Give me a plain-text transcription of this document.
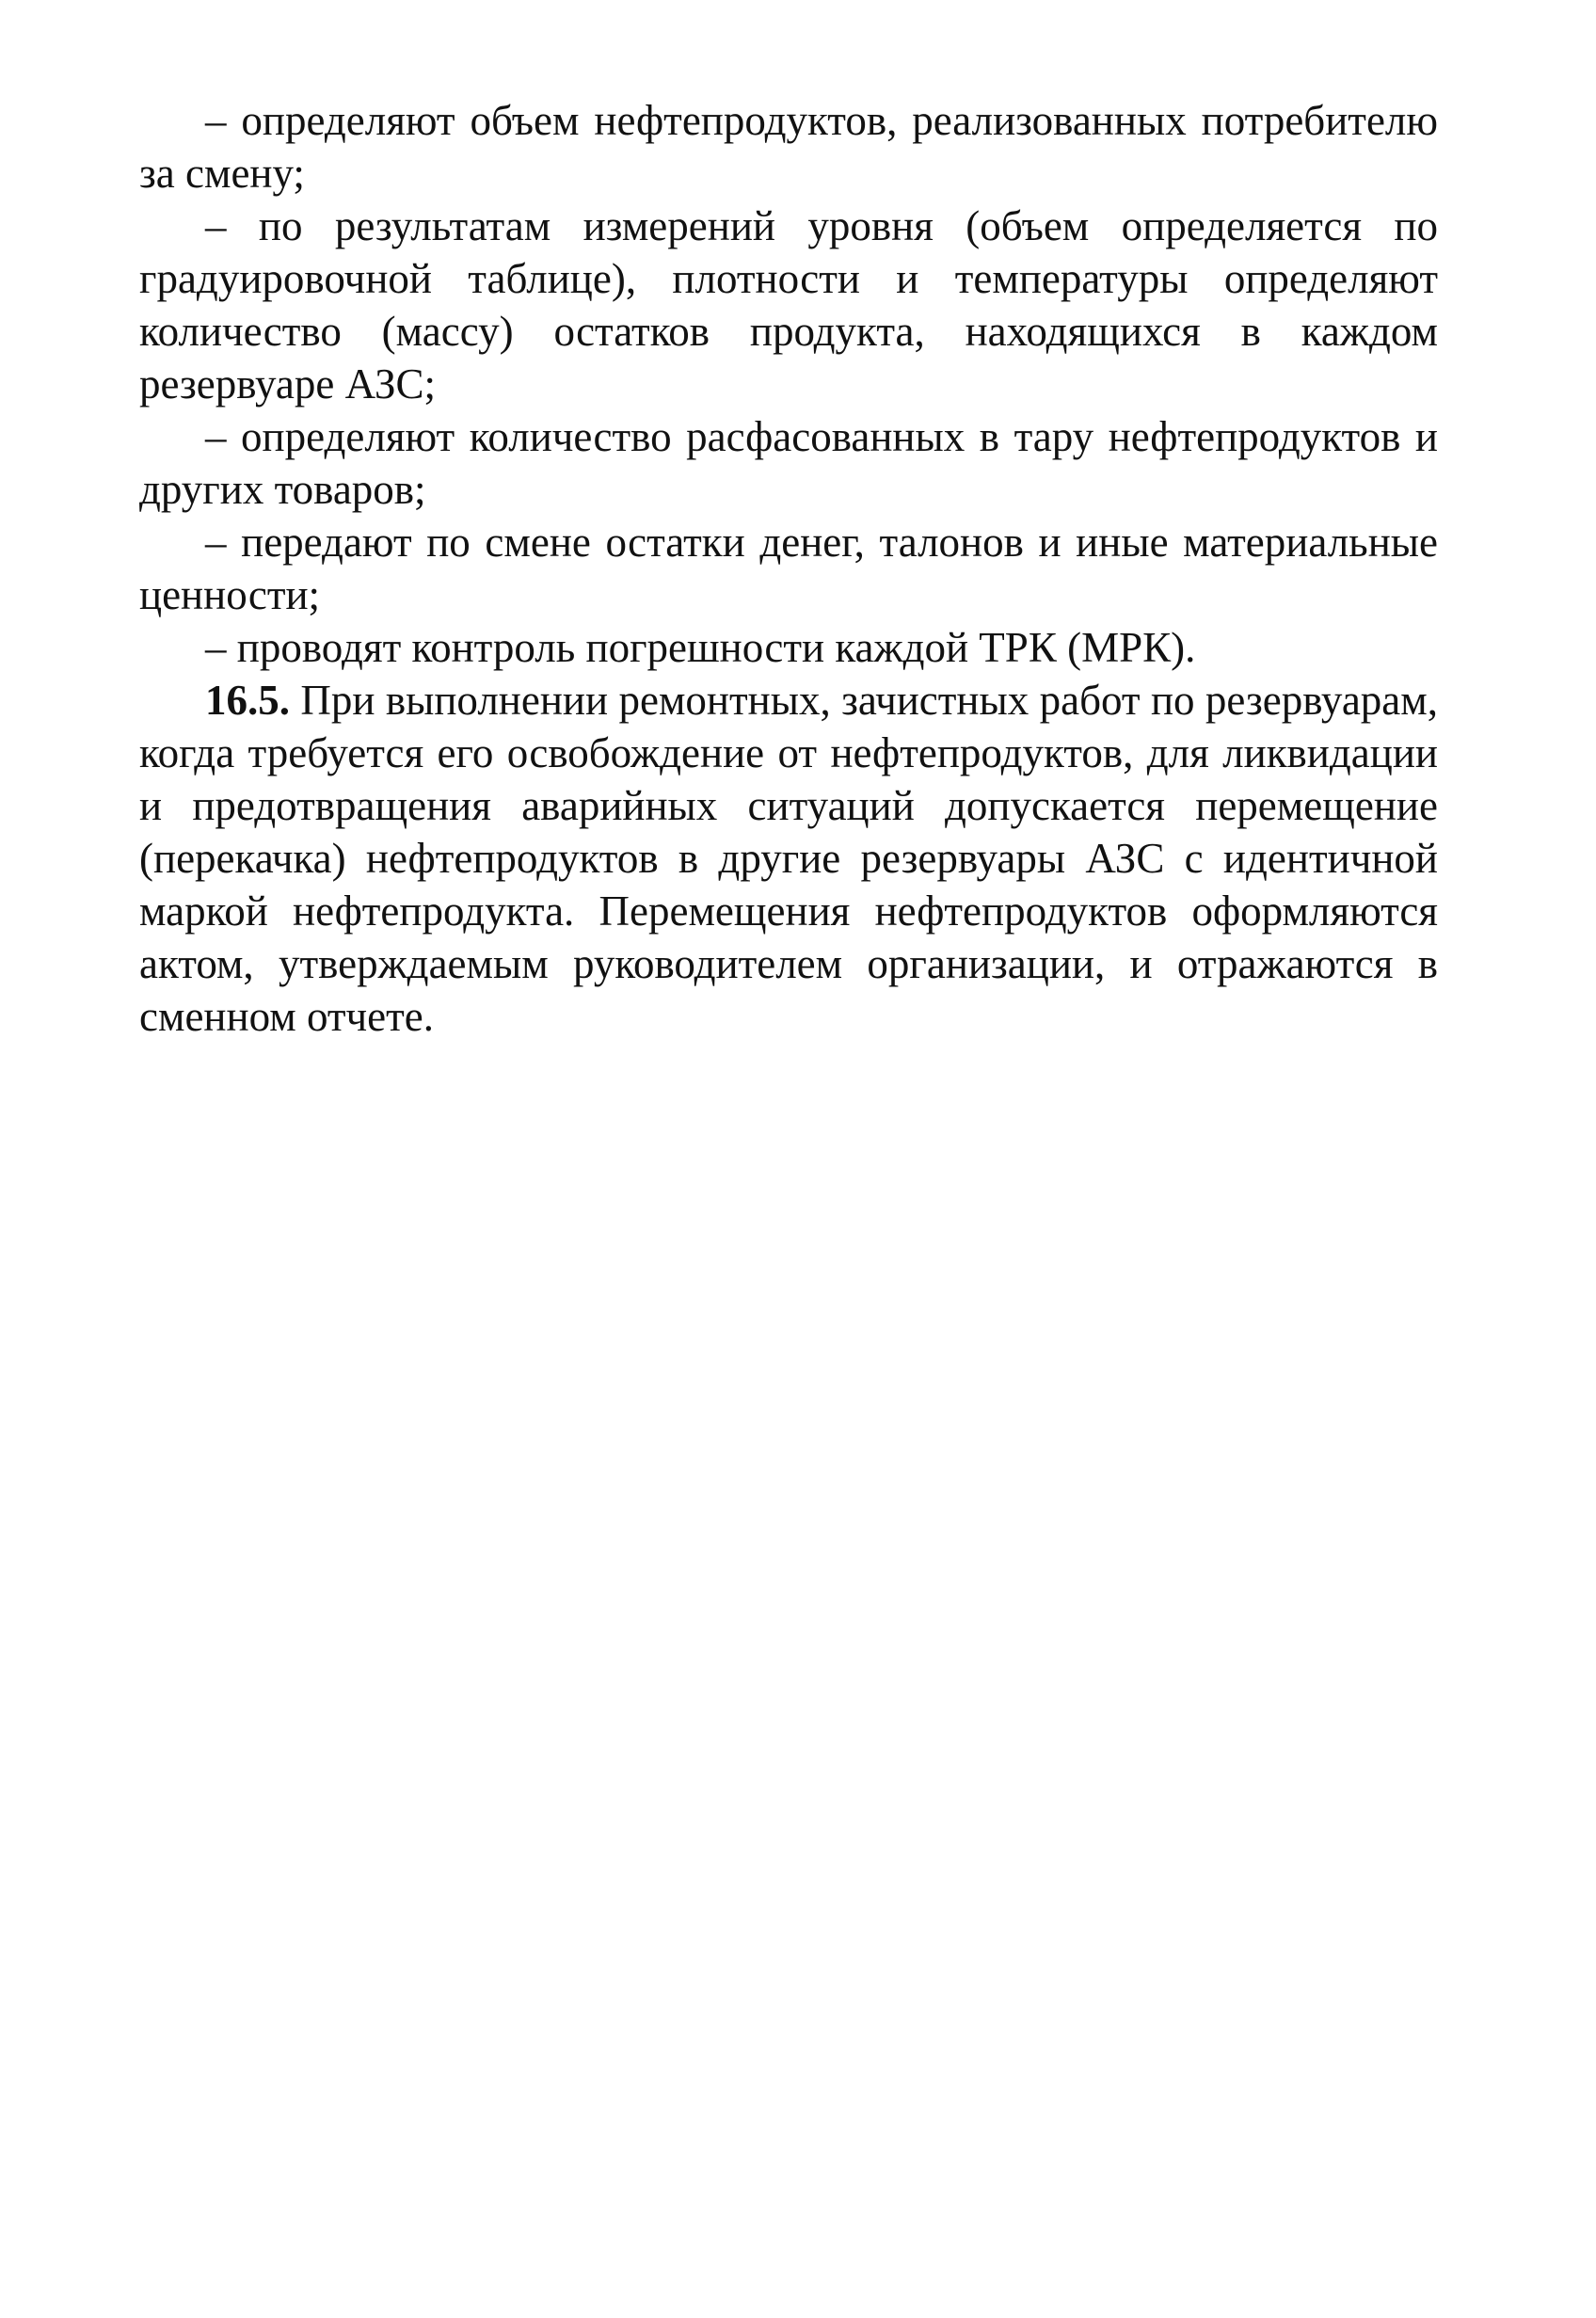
– определяют объем нефтепродуктов, реализованных потребителю за смену;

– по результатам измерений уровня (объем определяется по градуировочной таблице), плотности и температуры определяют количество (массу) остатков продукта, находящихся в каждом резервуаре АЗС;

– определяют количество расфасованных в тару нефтепродуктов и других товаров;

– передают по смене остатки денег, талонов и иные материальные ценности;

– проводят контроль погрешности каждой ТРК (МРК).

16.5. При выполнении ремонтных, зачистных работ по резервуарам, когда требуется его освобождение от нефтепродуктов, для ликвидации и предотвращения аварийных ситуаций допускается перемещение (перекачка) нефтепродуктов в другие резервуары АЗС с идентичной маркой нефтепродукта. Перемещения нефтепродуктов оформляются актом, утверждаемым руководителем организации, и отражаются в сменном отчете.
